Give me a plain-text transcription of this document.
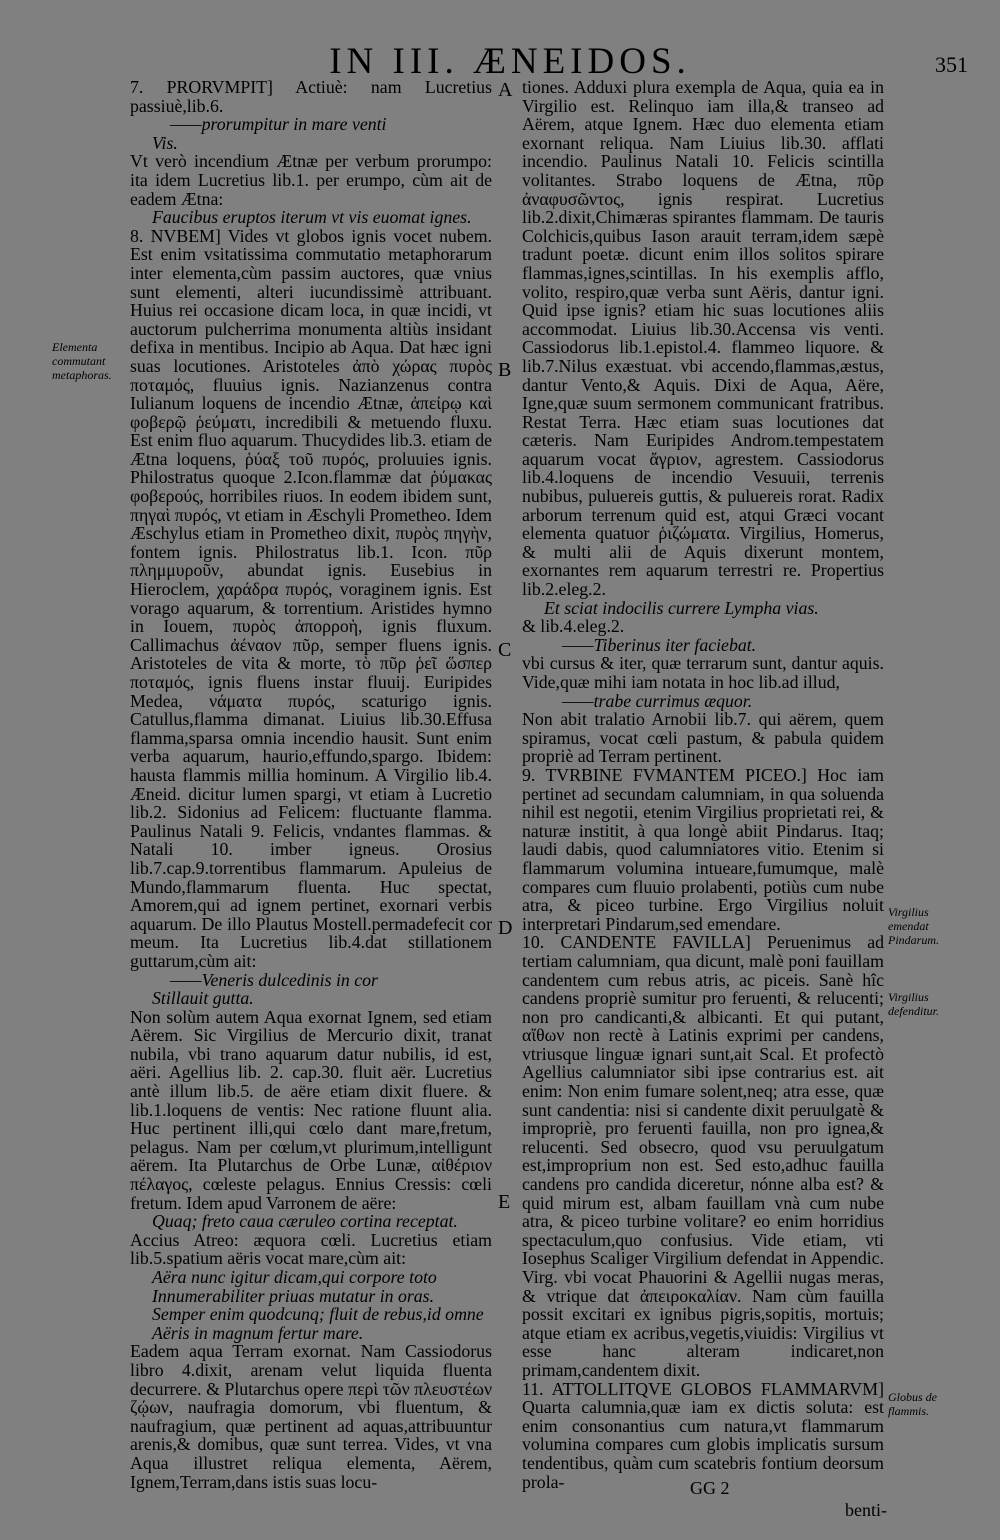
IN III. ÆNEIDOS.	351

7. PRORVMPIT] Actiuè: nam Lucretius passiuè,lib.6.

——prorumpitur in mare venti

Vis.

Vt verò incendium Ætnæ per verbum prorumpo: ita idem Lucretius lib.1. per erumpo, cùm ait de eadem Ætna:

Faucibus eruptos iterum vt vis euomat ignes.

8. NVBEM] Vides vt globos ignis vocet nubem. Est enim vsitatissima commutatio metaphorarum inter elementa,cùm passim auctores, quæ vnius sunt elementi, alteri iucundissimè attribuant. Huius rei occasione dicam loca, in quæ incidi, vt auctorum pulcherrima monumenta altiùs insidant defixa in mentibus. Incipio ab Aqua. Dat hæc igni suas locutiones. Aristoteles ἀπὸ χώρας πυρὸς ποταμός, fluuius ignis. Nazianzenus contra Iulianum loquens de incendio Ætnæ, ἀπείρῳ καὶ φοβερῷ ῥεύματι, incredibili & metuendo fluxu. Est enim fluo aquarum. Thucydides lib.3. etiam de Ætna loquens, ῥύαξ τοῦ πυρός, proluuies ignis. Philostratus quoque 2.Icon.flammæ dat ῥύμακας φοβερούς, horribiles riuos. In eodem ibidem sunt, πηγαὶ πυρός, vt etiam in Æschyli Prometheo. Idem Æschylus etiam in Prometheo dixit, πυρὸς πηγὴν, fontem ignis. Philostratus lib.1. Icon. πῦρ πλημμυροῦν, abundat ignis. Eusebius in Hieroclem, χαράδρα πυρός, voraginem ignis. Est vorago aquarum, & torrentium. Aristides hymno in Iouem, πυρὸς ἀπορροὴ, ignis fluxum. Callimachus ἀέναον πῦρ, semper fluens ignis. Aristoteles de vita & morte, τὸ πῦρ ῥεῖ ὥσπερ ποταμός, ignis fluens instar fluuij. Euripides Medea, νάματα πυρός, scaturigo ignis. Catullus,flamma dimanat. Liuius lib.30.Effusa flamma,sparsa omnia incendio hausit. Sunt enim verba aquarum, haurio,effundo,spargo. Ibidem: hausta flammis millia hominum. A Virgilio lib.4. Æneid. dicitur lumen spargi, vt etiam à Lucretio lib.2. Sidonius ad Felicem: fluctuante flamma. Paulinus Natali 9. Felicis, vndantes flammas. & Natali 10. imber igneus. Orosius lib.7.cap.9.torrentibus flammarum. Apuleius de Mundo,flammarum fluenta. Huc spectat, Amorem,qui ad ignem pertinet, exornari verbis aquarum. De illo Plautus Mostell.permadefecit cor meum. Ita Lucretius lib.4.dat stillationem guttarum,cùm ait:

——Veneris dulcedinis in cor

Stillauit gutta.

Non solùm autem Aqua exornat Ignem, sed etiam Aërem. Sic Virgilius de Mercurio dixit, tranat nubila, vbi trano aquarum datur nubilis, id est, aëri. Agellius lib. 2. cap.30. fluit aër. Lucretius antè illum lib.5. de aëre etiam dixit fluere. & lib.1.loquens de ventis: Nec ratione fluunt alia. Huc pertinent illi,qui cœlo dant mare,fretum, pelagus. Nam per cœlum,vt plurimum,intelligunt aërem. Ita Plutarchus de Orbe Lunæ, αἰθέριον πέλαγος, cœleste pelagus. Ennius Cressis: cœli fretum. Idem apud Varronem de aëre:

Quaq; freto caua cæruleo cortina receptat.

Accius Atreo: æquora cœli. Lucretius etiam lib.5.spatium aëris vocat mare,cùm ait:

Aëra nunc igitur dicam,qui corpore toto

Innumerabiliter priuas mutatur in oras.

Semper enim quodcunq; fluit de rebus,id omne

Aëris in magnum fertur mare.

Eadem aqua Terram exornat. Nam Cassiodorus libro 4.dixit, arenam velut liquida fluenta decurrere. & Plutarchus opere περὶ τῶν πλευστέων ζῴων, naufragia domorum, vbi fluentum, & naufragium, quæ pertinent ad aquas,attribuuntur arenis,& domibus, quæ sunt terrea. Vides, vt vna Aqua illustret reliqua elementa, Aërem, Ignem,Terram,dans istis suas locu-

tiones. Adduxi plura exempla de Aqua, quia ea in Virgilio est. Relinquo iam illa,& transeo ad Aërem, atque Ignem. Hæc duo elementa etiam exornant reliqua. Nam Liuius lib.30. afflati incendio. Paulinus Natali 10. Felicis scintilla volitantes. Strabo loquens de Ætna, πῦρ ἀναφυσῶντος, ignis respirat. Lucretius lib.2.dixit,Chimæras spirantes flammam. De tauris Colchicis,quibus Iason arauit terram,idem sæpè tradunt poetæ. dicunt enim illos solitos spirare flammas,ignes,scintillas. In his exemplis afflo, volito, respiro,quæ verba sunt Aëris, dantur igni. Quid ipse ignis? etiam hic suas locutiones aliis accommodat. Liuius lib.30.Accensa vis venti. Cassiodorus lib.1.epistol.4. flammeo liquore. & lib.7.Nilus exæstuat. vbi accendo,flammas,æstus, dantur Vento,& Aquis. Dixi de Aqua, Aëre, Igne,quæ suum sermonem communicant fratribus. Restat Terra. Hæc etiam suas locutiones dat cæteris. Nam Euripides Androm.tempestatem aquarum vocat ἄγριον, agrestem. Cassiodorus lib.4.loquens de incendio Vesuuii, terrenis nubibus, puluereis guttis, & puluereis rorat. Radix arborum terrenum quid est, atqui Græci vocant elementa quatuor ῥιζώματα. Virgilius, Homerus, & multi alii de Aquis dixerunt montem, exornantes rem aquarum terrestri re. Propertius lib.2.eleg.2.

Et sciat indocilis currere Lympha vias.

& lib.4.eleg.2.

——Tiberinus iter faciebat.

vbi cursus & iter, quæ terrarum sunt, dantur aquis. Vide,quæ mihi iam notata in hoc lib.ad illud,

——trabe currimus æquor.

Non abit tralatio Arnobii lib.7. qui aërem, quem spiramus, vocat cœli pastum, & pabula quidem propriè ad Terram pertinent.

9. TVRBINE FVMANTEM PICEO.] Hoc iam pertinet ad secundam calumniam, in qua soluenda nihil est negotii, etenim Virgilius proprietati rei, & naturæ institit, à qua longè abiit Pindarus. Itaq; laudi dabis, quod calumniatores vitio. Etenim si flammarum volumina intueare,fumumque, malè compares cum fluuio prolabenti, potiùs cum nube atra, & piceo turbine. Ergo Virgilius noluit interpretari Pindarum,sed emendare.

10. CANDENTE FAVILLA] Peruenimus ad tertiam calumniam, qua dicunt, malè poni fauillam candentem cum rebus atris, ac piceis. Sanè hîc candens propriè sumitur pro feruenti, & relucenti; non pro candicanti,& albicanti. Et qui putant, αἴθων non rectè à Latinis exprimi per candens, vtriusque linguæ ignari sunt,ait Scal. Et profectò Agellius calumniator sibi ipse contrarius est. ait enim: Non enim fumare solent,neq; atra esse, quæ sunt candentia: nisi si candente dixit peruulgatè & impropriè, pro feruenti fauilla, non pro ignea,& relucenti. Sed obsecro, quod vsu peruulgatum est,improprium non est. Sed esto,adhuc fauilla candens pro candida diceretur, nónne alba est? & quid mirum est, albam fauillam vnà cum nube atra, & piceo turbine volitare? eo enim horridius spectaculum,quo confusius. Vide etiam, vti Iosephus Scaliger Virgilium defendat in Appendic. Virg. vbi vocat Phauorini & Agellii nugas meras, & vtrique dat ἀπειροκαλίαν. Nam cùm fauilla possit excitari ex ignibus pigris,sopitis, mortuis; atque etiam ex acribus,vegetis,viuidis: Virgilius vt esse hanc alteram indicaret,non primam,candentem dixit.

11. ATTOLLITQVE GLOBOS FLAMMARVM] Quarta calumnia,quæ iam ex dictis soluta: est enim consonantius cum natura,vt flammarum volumina compares cum globis implicatis sursum tendentibus, quàm cum scatebris fontium deorsum prola-

A
B
C
D
E
Elementa commutant metaphoras.
Virgilius emendat Pindarum.
Virgilius defenditur.
Globus de flammis.
GG 2
benti-
